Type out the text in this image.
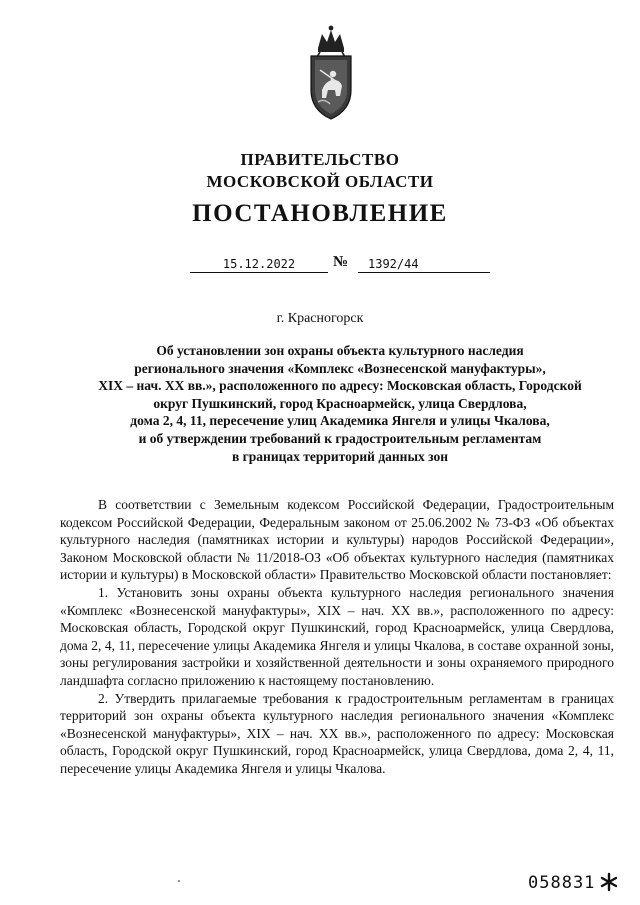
ПРАВИТЕЛЬСТВО
МОСКОВСКОЙ ОБЛАСТИ
ПОСТАНОВЛЕНИЕ
15.12.2022	№	1392/44
г. Красногорск
Об установлении зон охраны объекта культурного наследия
регионального значения «Комплекс «Вознесенской мануфактуры»,
XIX – нач. XX вв.», расположенного по адресу: Московская область, Городской
округ Пушкинский, город Красноармейск, улица Свердлова,
дома 2, 4, 11, пересечение улиц Академика Янгеля и улицы Чкалова,
и об утверждении требований к градостроительным регламентам
в границах территорий данных зон

В соответствии с Земельным кодексом Российской Федерации, Градостроительным кодексом Российской Федерации, Федеральным законом от 25.06.2002 № 73-ФЗ «Об объектах культурного наследия (памятниках истории и культуры) народов Российской Федерации», Законом Московской области № 11/2018-ОЗ «Об объектах культурного наследия (памятниках истории и культуры) в Московской области» Правительство Московской области постановляет:

1. Установить зоны охраны объекта культурного наследия регионального значения «Комплекс «Вознесенской мануфактуры», XIX – нач. XX вв.», расположенного по адресу: Московская область, Городской округ Пушкинский, город Красноармейск, улица Свердлова, дома 2, 4, 11, пересечение улицы Академика Янгеля и улицы Чкалова, в составе охранной зоны, зоны регулирования застройки и хозяйственной деятельности и зоны охраняемого природного ландшафта согласно приложению к настоящему постановлению.

2. Утвердить прилагаемые требования к градостроительным регламентам в границах территорий зон охраны объекта культурного наследия регионального значения «Комплекс «Вознесенской мануфактуры», XIX – нач. XX вв.», расположенного по адресу: Московская область, Городской округ Пушкинский, город Красноармейск, улица Свердлова, дома 2, 4, 11, пересечение улицы Академика Янгеля и улицы Чкалова.

058831
